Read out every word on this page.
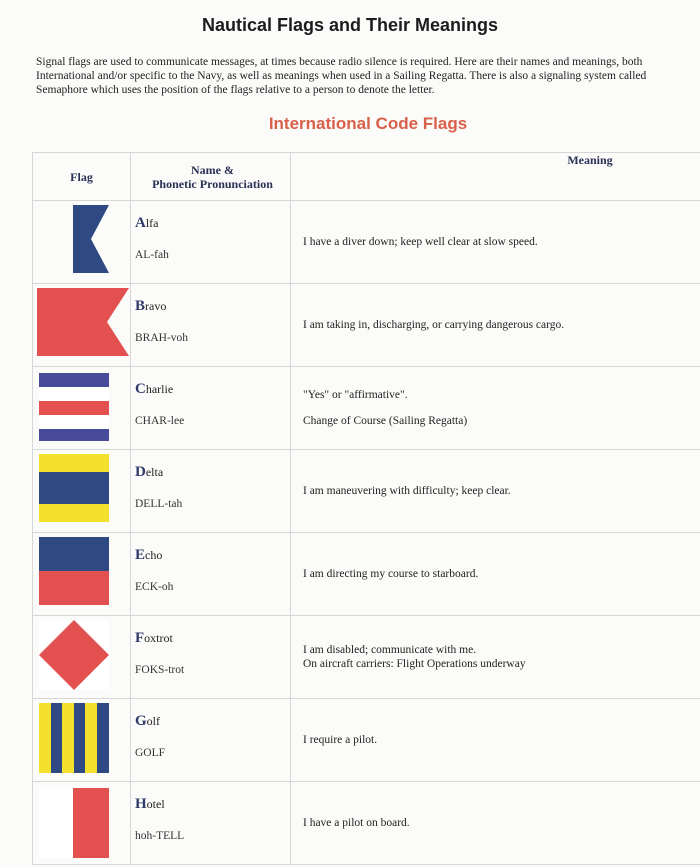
Nautical Flags and Their Meanings
Signal flags are used to communicate messages, at times because radio silence is required. Here are their names and meanings, both International and/or specific to the Navy, as well as meanings when used in a Sailing Regatta. There is also a signaling system called Semaphore which uses the position of the flags relative to a person to denote the letter.
International Code Flags
Flag	Name &
Phonetic Pronunciation
Meaning
Alfa
AL-fah
I have a diver down; keep well clear at slow speed.
Bravo
BRAH-voh
I am taking in, discharging, or carrying dangerous cargo.
Charlie
CHAR-lee
"Yes" or "affirmative".
Change of Course (Sailing Regatta)
Delta
DELL-tah
I am maneuvering with difficulty; keep clear.
Echo
ECK-oh
I am directing my course to starboard.
Foxtrot
FOKS-trot
I am disabled; communicate with me.
On aircraft carriers: Flight Operations underway
Golf
GOLF
I require a pilot.
Hotel
hoh-TELL
I have a pilot on board.
